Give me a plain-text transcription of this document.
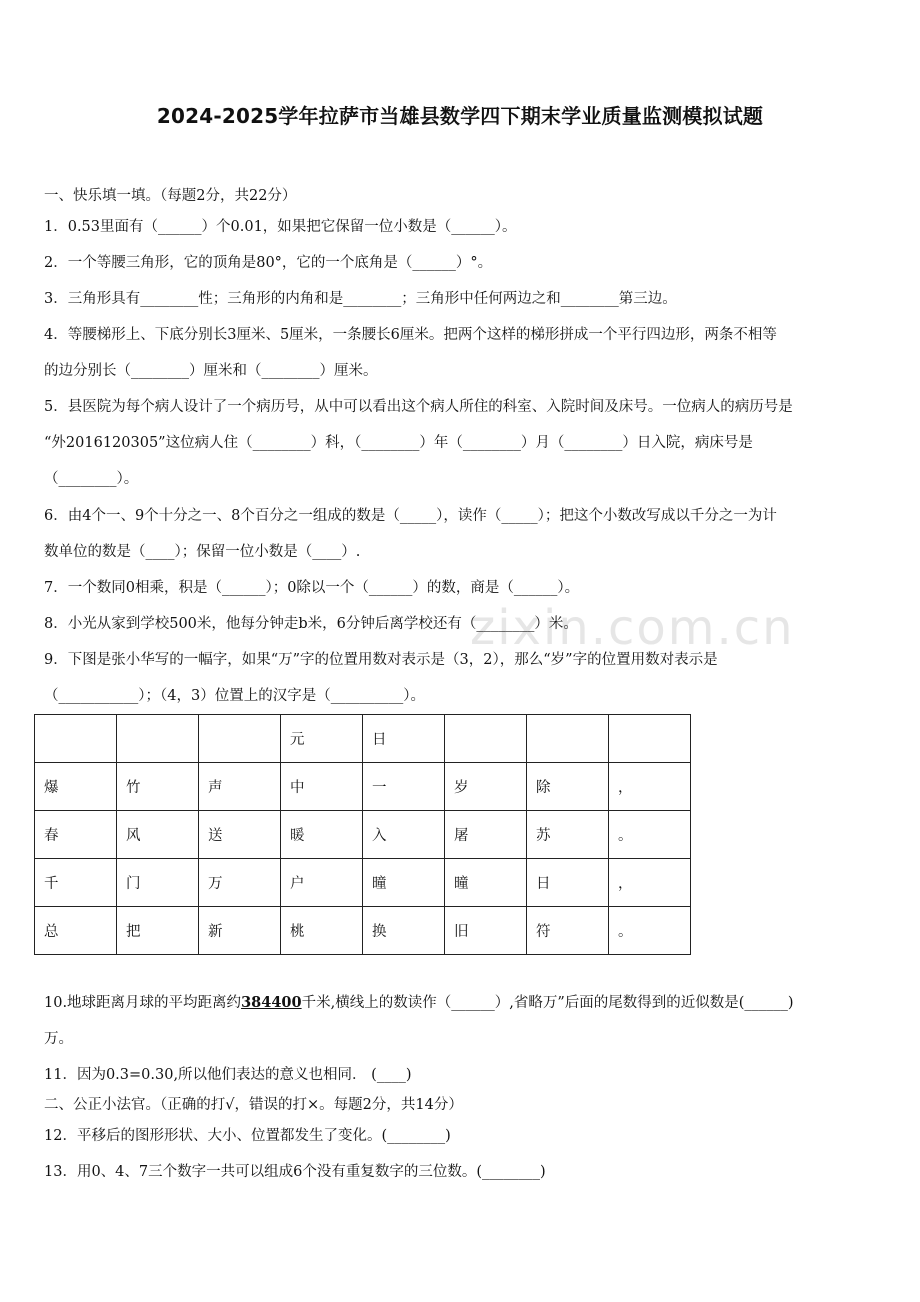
zixin.com.cn
2024-2025学年拉萨市当雄县数学四下期末学业质量监测模拟试题
一、快乐填一填。（每题2分，共22分）
1．0.53里面有（______）个0.01，如果把它保留一位小数是（______）。
2．一个等腰三角形，它的顶角是80°，它的一个底角是（______）°。
3．三角形具有________性；三角形的内角和是________；三角形中任何两边之和________第三边。
4．等腰梯形上、下底分别长3厘米、5厘米，一条腰长6厘米。把两个这样的梯形拼成一个平行四边形，两条不相等
的边分别长（________）厘米和（________）厘米。
5．县医院为每个病人设计了一个病历号，从中可以看出这个病人所住的科室、入院时间及床号。一位病人的病历号是
“外2016120305”这位病人住（________）科，（________）年（________）月（________）日入院，病床号是
（________）。
6．由4个一、9个十分之一、8个百分之一组成的数是（_____），读作（_____）；把这个小数改写成以千分之一为计
数单位的数是（____）；保留一位小数是（____）.
7．一个数同0相乘，积是（______）；0除以一个（______）的数，商是（______）。
8．小光从家到学校500米，他每分钟走b米，6分钟后离学校还有（________）米。
9．下图是张小华写的一幅字，如果“万”字的位置用数对表示是（3，2），那么“岁”字的位置用数对表示是
（___________）；（4，3）位置上的汉字是（__________）。
			元	日			
爆	竹	声	中	一	岁	除	，
春	风	送	暖	入	屠	苏	。
千	门	万	户	曈	曈	日	，
总	把	新	桃	换	旧	符	。
10.地球距离月球的平均距离约384400千米,横线上的数读作（______）,省略万”后面的尾数得到的近似数是(______)
万。
11．因为0.3=0.30,所以他们表达的意义也相同． (____)
二、公正小法官。（正确的打√，错误的打×。每题2分，共14分）
12．平移后的图形形状、大小、位置都发生了变化。(________)
13．用0、4、7三个数字一共可以组成6个没有重复数字的三位数。(________)
